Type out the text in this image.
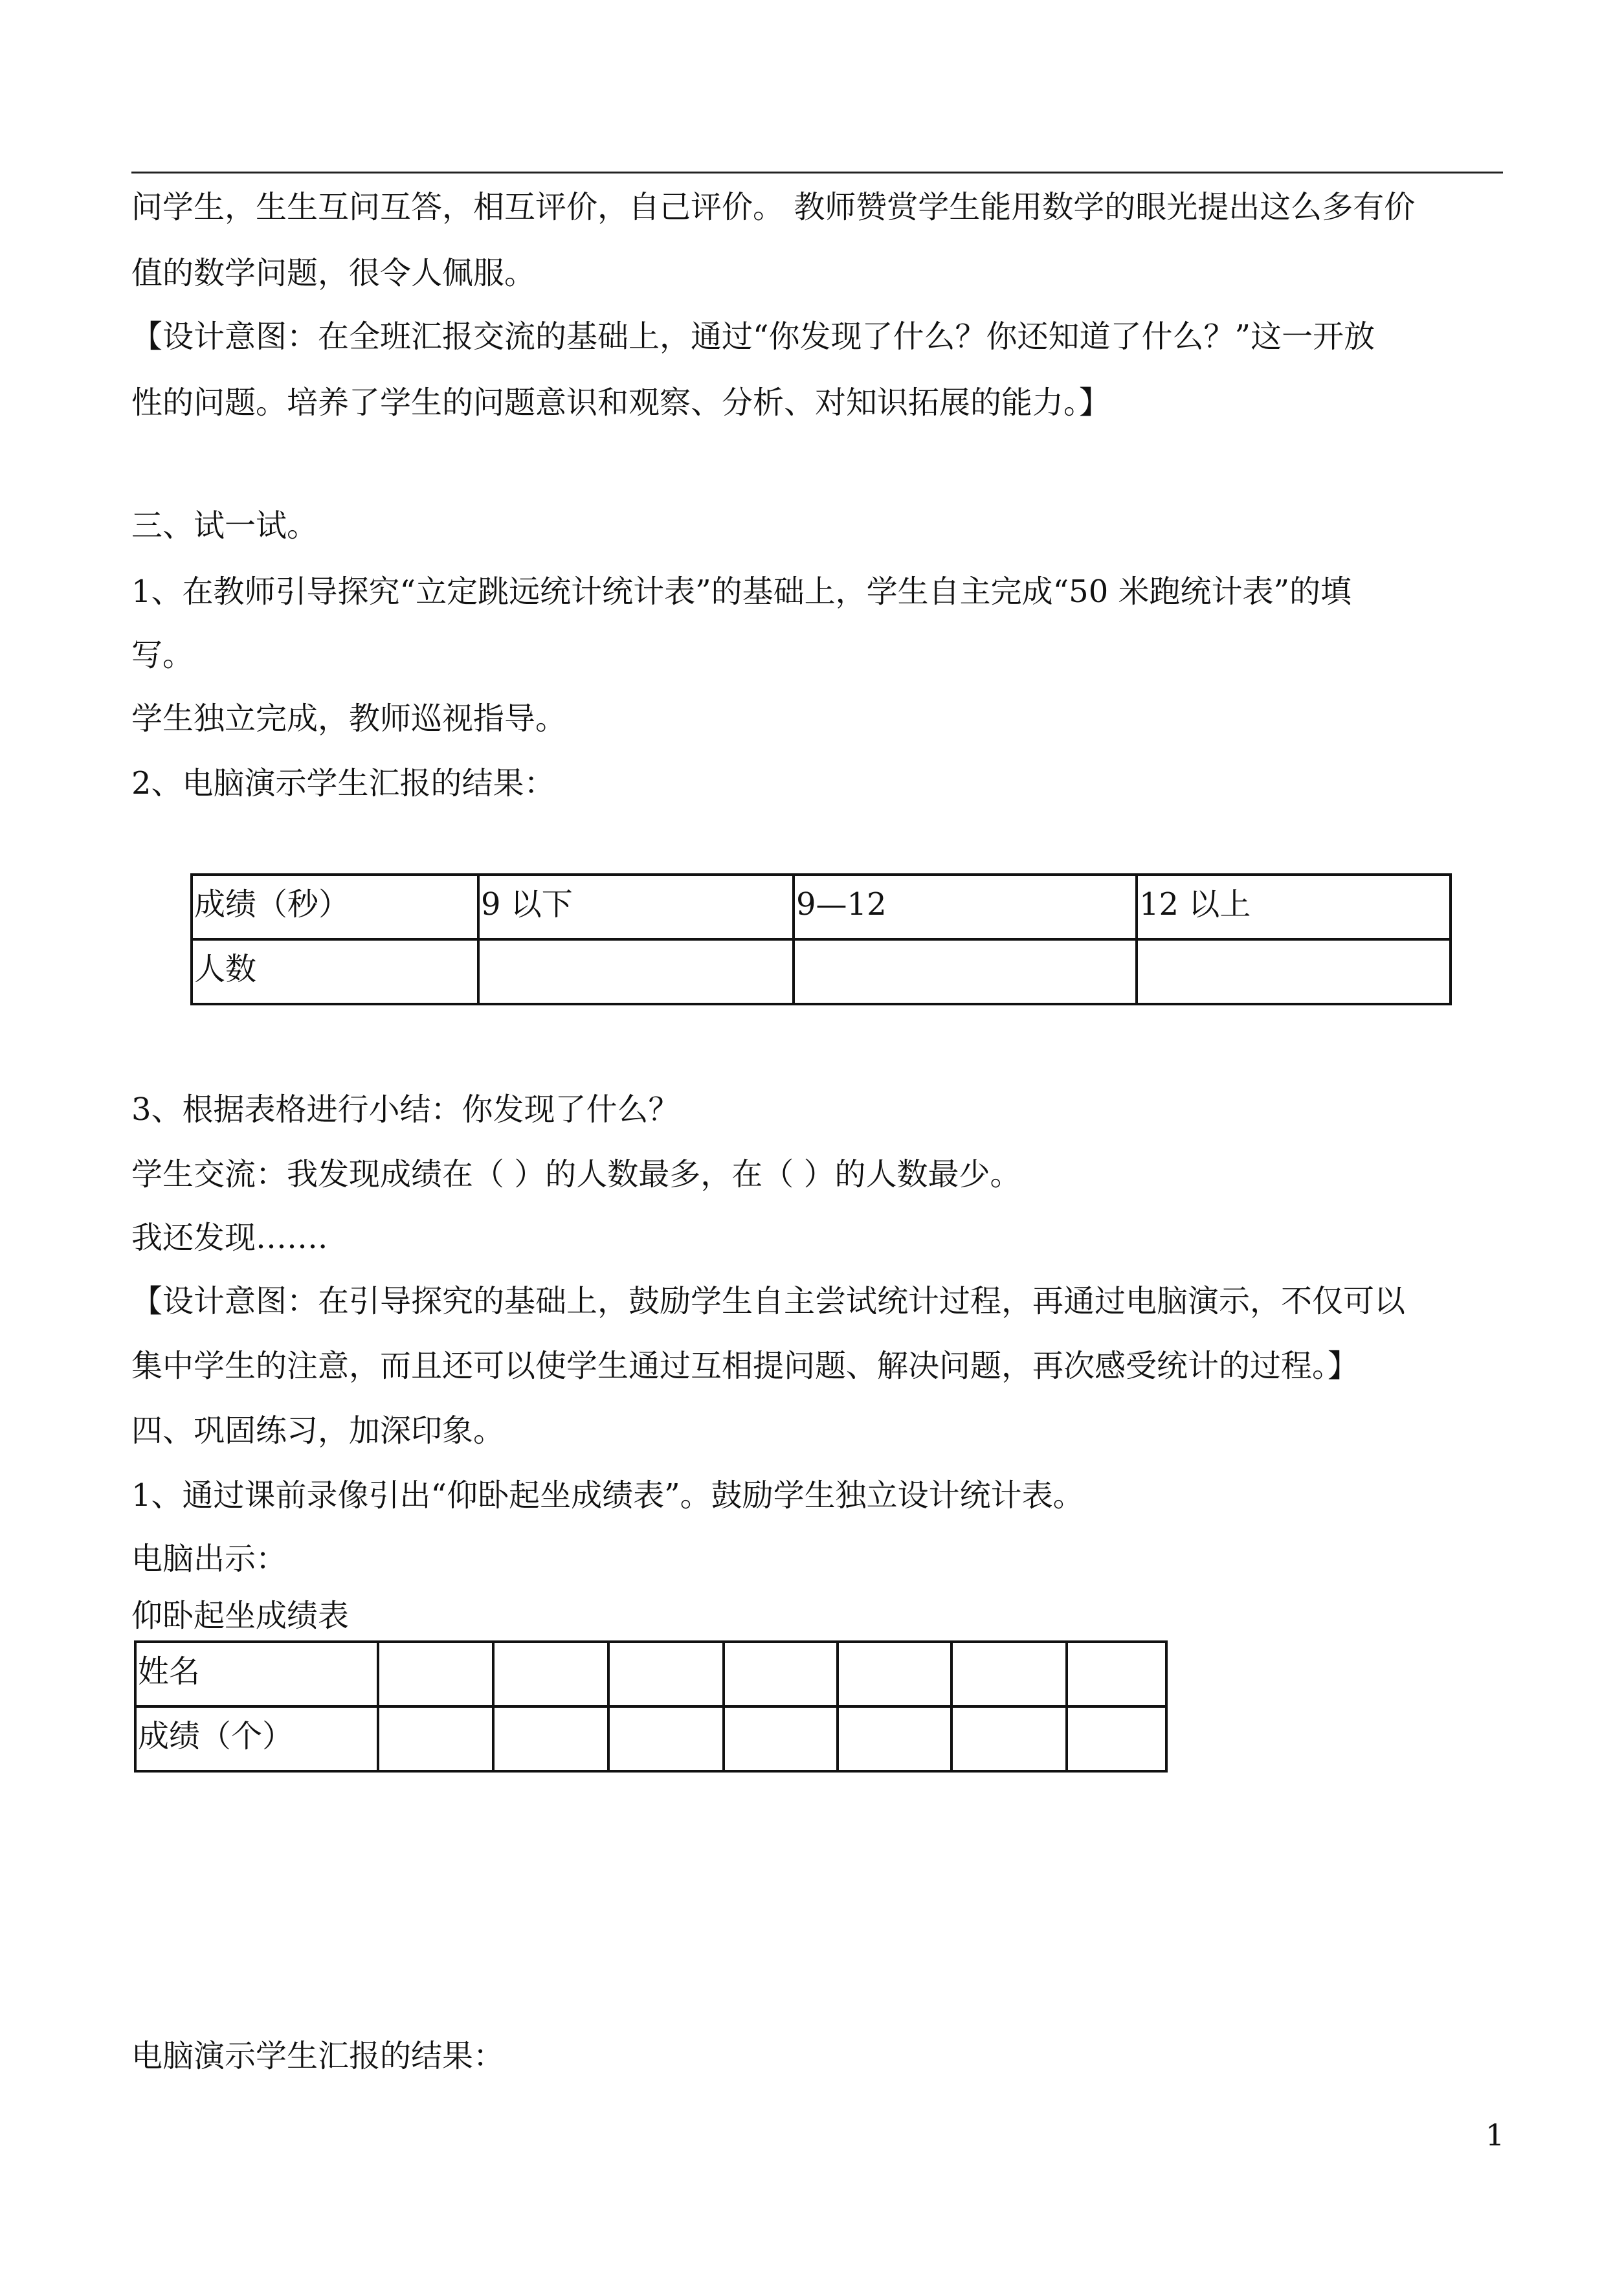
问学生，生生互问互答，相互评价，自己评价。 教师赞赏学生能用数学的眼光提出这么多有价
值的数学问题，很令人佩服。
【设计意图：在全班汇报交流的基础上，通过“你发现了什么？你还知道了什么？”这一开放
性的问题。培养了学生的问题意识和观察、分析、对知识拓展的能力。】
三、试一试。
1、在教师引导探究“立定跳远统计统计表”的基础上，学生自主完成“50 米跑统计表”的填
写。
学生独立完成，教师巡视指导。
2、电脑演示学生汇报的结果：
成绩（秒）	9 以下	9—12	12 以上
人数			
3、根据表格进行小结：你发现了什么？
学生交流：我发现成绩在（ ）的人数最多，在（ ）的人数最少。
我还发现…….
【设计意图：在引导探究的基础上，鼓励学生自主尝试统计过程，再通过电脑演示，不仅可以
集中学生的注意，而且还可以使学生通过互相提问题、解决问题，再次感受统计的过程。】
四、巩固练习，加深印象。
1、通过课前录像引出“仰卧起坐成绩表”。鼓励学生独立设计统计表。
电脑出示：
仰卧起坐成绩表
姓名							
成绩（个）							
电脑演示学生汇报的结果：
1
